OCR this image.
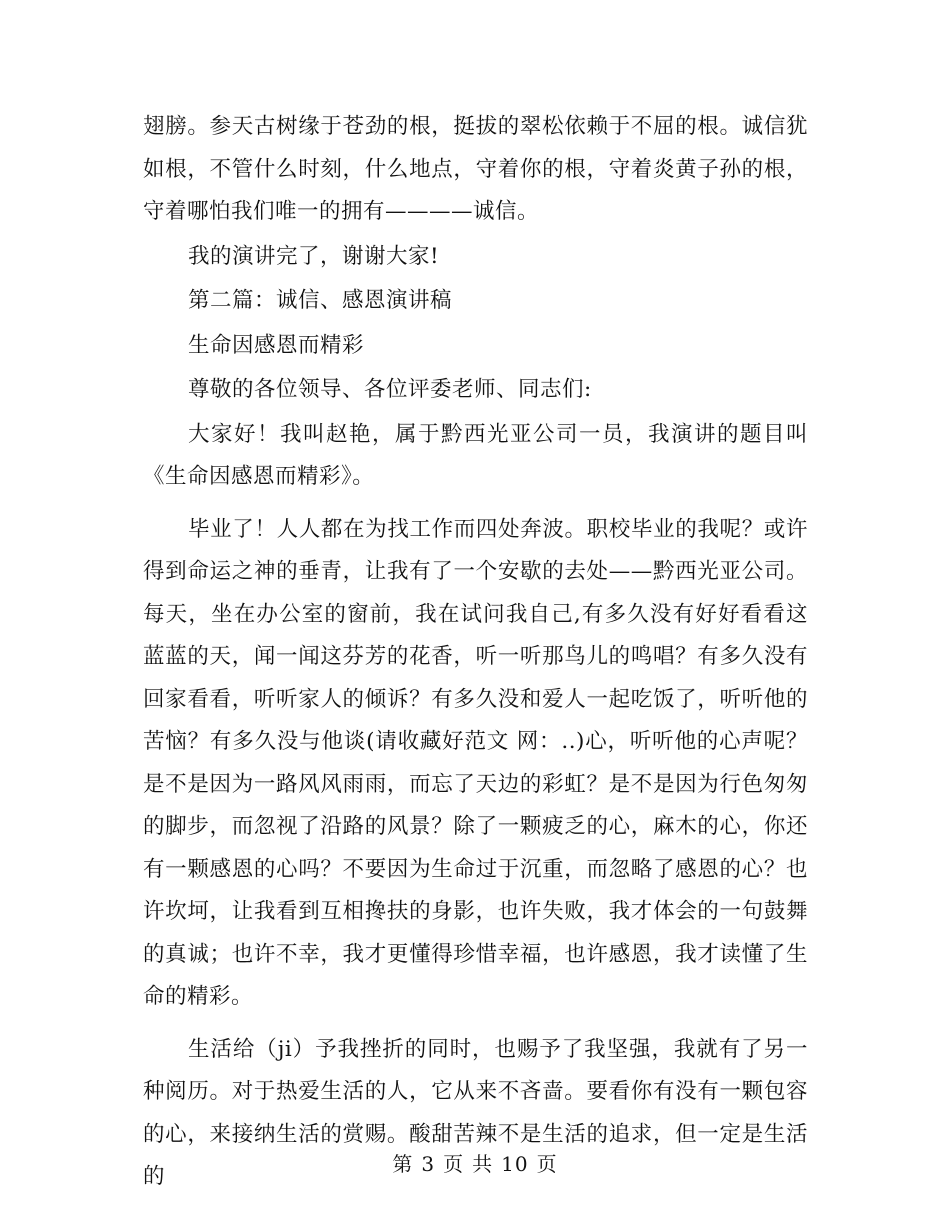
翅膀。参天古树缘于苍劲的根，挺拔的翠松依赖于不屈的根。诚信犹如根，不管什么时刻，什么地点，守着你的根，守着炎黄子孙的根，守着哪怕我们唯一的拥有————诚信。

我的演讲完了，谢谢大家!

第二篇：诚信、感恩演讲稿

生命因感恩而精彩

尊敬的各位领导、各位评委老师、同志们:

大家好！我叫赵艳，属于黔西光亚公司一员，我演讲的题目叫《生命因感恩而精彩》。

毕业了！人人都在为找工作而四处奔波。职校毕业的我呢？或许得到命运之神的垂青，让我有了一个安歇的去处——黔西光亚公司。每天，坐在办公室的窗前，我在试问我自己,有多久没有好好看看这蓝蓝的天，闻一闻这芬芳的花香，听一听那鸟儿的鸣唱？有多久没有回家看看，听听家人的倾诉？有多久没和爱人一起吃饭了，听听他的苦恼？有多久没与他谈(请收藏好范文 网：..)心，听听他的心声呢？是不是因为一路风风雨雨，而忘了天边的彩虹？是不是因为行色匆匆的脚步，而忽视了沿路的风景？除了一颗疲乏的心，麻木的心，你还有一颗感恩的心吗？不要因为生命过于沉重，而忽略了感恩的心？也许坎坷，让我看到互相搀扶的身影，也许失败，我才体会的一句鼓舞的真诚；也许不幸，我才更懂得珍惜幸福，也许感恩，我才读懂了生命的精彩。

生活给（ji）予我挫折的同时，也赐予了我坚强，我就有了另一种阅历。对于热爱生活的人，它从来不吝啬。要看你有没有一颗包容的心，来接纳生活的赏赐。酸甜苦辣不是生活的追求，但一定是生活的	第 3 页 共 10 页
